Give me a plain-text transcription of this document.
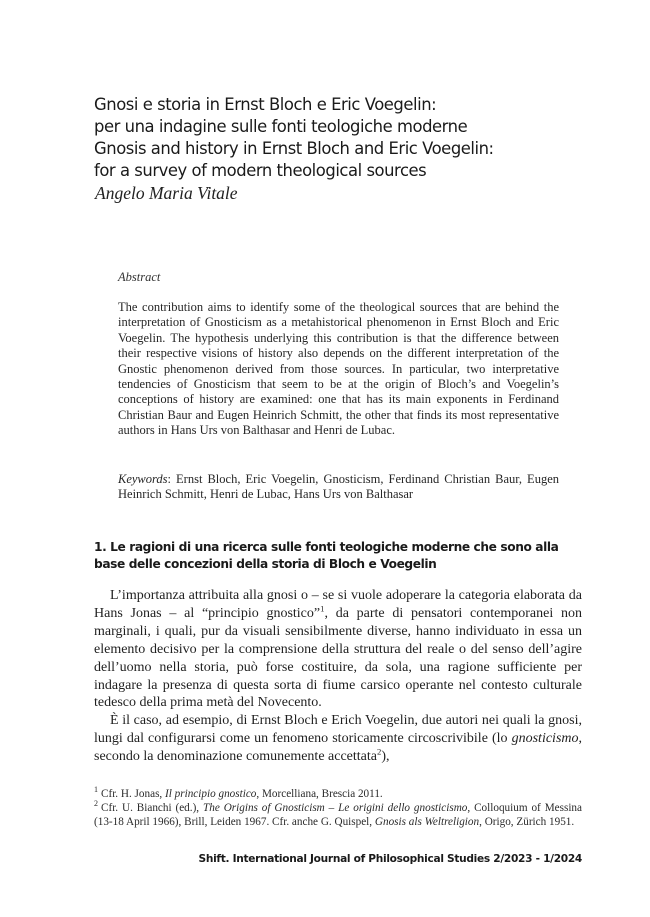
Gnosi e storia in Ernst Bloch e Eric Voegelin:
per una indagine sulle fonti teologiche moderne
Gnosis and history in Ernst Bloch and Eric Voegelin:
for a survey of modern theological sources
Angelo Maria Vitale
Abstract

The contribution aims to identify some of the theological sources that are behind the interpretation of Gnosticism as a metahistorical phenomenon in Ernst Bloch and Eric Voegelin. The hypothesis underlying this contribution is that the difference between their respective visions of history also depends on the different interpretation of the Gnostic phenomenon derived from those sources. In particular, two interpretative tendencies of Gnosticism that seem to be at the origin of Bloch’s and Voegelin’s conceptions of history are examined: one that has its main exponents in Ferdinand Christian Baur and Eugen Heinrich Schmitt, the other that finds its most representative authors in Hans Urs von Balthasar and Henri de Lubac.

Keywords: Ernst Bloch, Eric Voegelin, Gnosticism, Ferdinand Christian Baur, Eugen Heinrich Schmitt, Henri de Lubac, Hans Urs von Balthasar

1. Le ragioni di una ricerca sulle fonti teologiche moderne che sono alla base delle concezioni della storia di Bloch e Voegelin

L’importanza attribuita alla gnosi o – se si vuole adoperare la categoria elaborata da Hans Jonas – al “principio gnostico”$^1$, da parte di pensatori contemporanei non marginali, i quali, pur da visuali sensibilmente diverse, hanno individuato in essa un elemento decisivo per la comprensione della struttura del reale o del senso dell’agire dell’uomo nella storia, può forse costituire, da sola, una ragione sufficiente per indagare la presenza di questa sorta di fiume carsico operante nel contesto culturale tedesco della prima metà del Novecento.

È il caso, ad esempio, di Ernst Bloch e Erich Voegelin, due autori nei quali la gnosi, lungi dal configurarsi come un fenomeno storicamente circoscrivibile (lo gnosticismo, secondo la denominazione comunemente accettata$^2$),

$^1$ Cfr. H. Jonas, Il principio gnostico, Morcelliana, Brescia 2011.

$^2$ Cfr. U. Bianchi (ed.), The Origins of Gnosticism – Le origini dello gnosticismo, Colloquium of Messina (13-18 April 1966), Brill, Leiden 1967. Cfr. anche G. Quispel, Gnosis als Weltreligion, Origo, Zürich 1951.

Shift. International Journal of Philosophical Studies 2/2023 - 1/2024
